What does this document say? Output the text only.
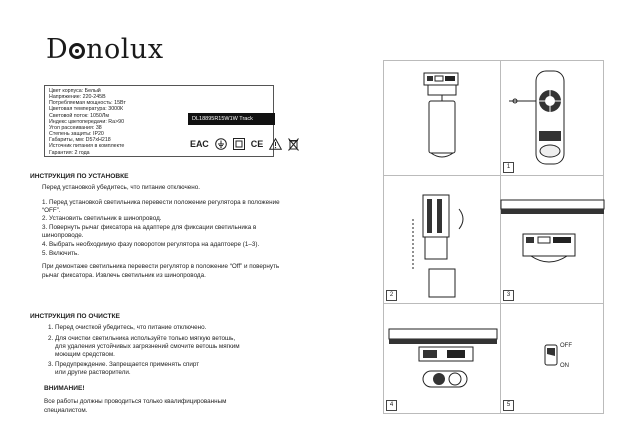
D nolux
Цвет корпуса: Белый
Напряжение: 220-245В
Потребляемая мощность: 15Вт
Цветовая температура: 3000К
Световой поток: 1050Лм
Индекс цветопередачи: Ra>90
Угол рассеивания: 38
Степень защиты: IP20
Габариты, мм: D57xH218
Источник питания в комплекте
Гарантия: 2 года
DL18895R15W1W Track
ЕАС	CE
ИНСТРУКЦИЯ ПО УСТАНОВКЕ
Перед установкой убедитесь, что питание отключено.
1. Перед установкой светильника перевести положение регулятора в положение
“OFF”.
2. Установить светильник в шинопровод.
3. Повернуть рычаг фиксатора на адаптере для фиксации светильника в
шинопроводе.
4. Выбрать необходимую фазу поворотом регулятора на адаптоере (1–3).
5. Включить.
При демонтаже светильника перевести регулятор в положение “Off” и повернуть
рычаг фиксатора. Извлечь светильник из шинопровода.
ИНСТРУКЦИЯ ПО ОЧИСТКЕ
1. Перед очисткой убедитесь, что питание отключено.
2. Для очистки светильника используйте только мягкую ветошь,
для удаления устойчивых загрязнений смочите ветошь мягким
моющим средством.
3. Предупреждение. Запрещается применять спирт
или другие растворители.
ВНИМАНИЕ!
Все работы должны проводиться только квалифицированным
специалистом.
1
2	3
4	5
OFF
ON
